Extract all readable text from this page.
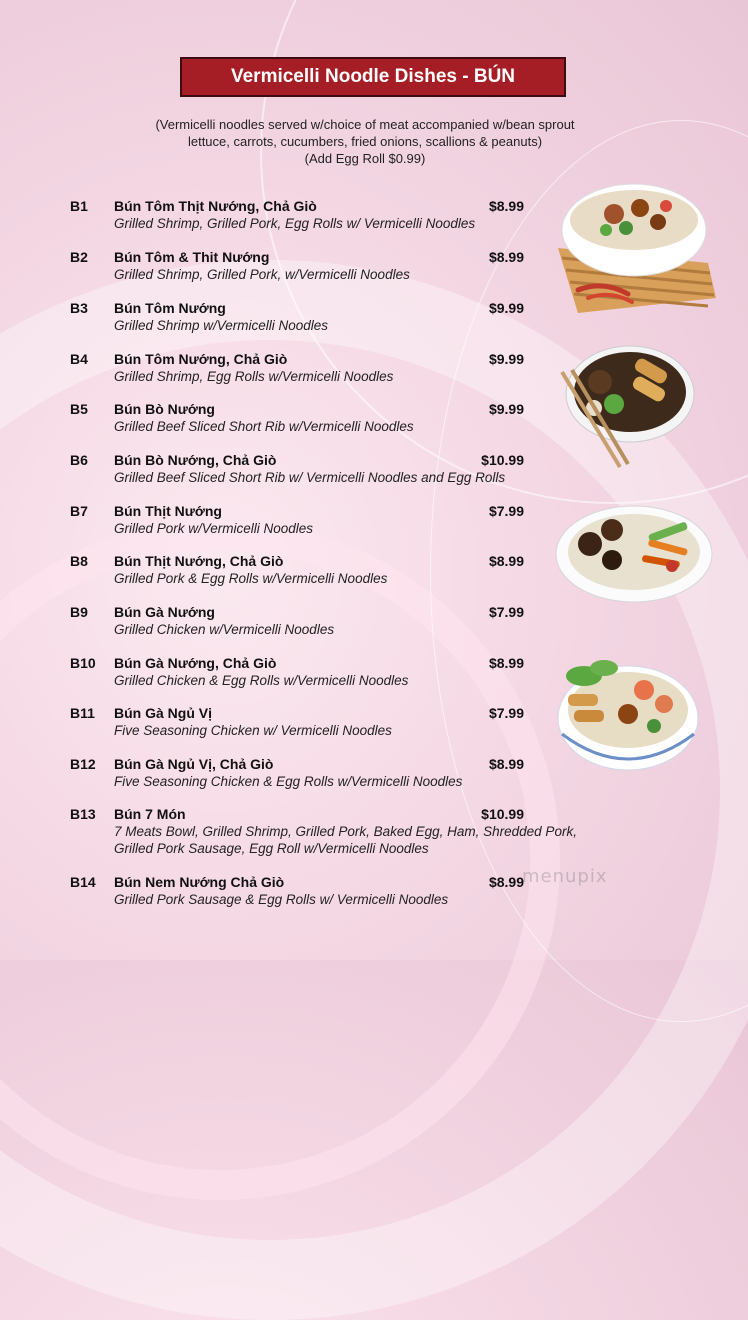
Vermicelli Noodle Dishes - BÚN
(Vermicelli noodles served w/choice of meat accompanied w/bean sprout
lettuce, carrots, cucumbers, fried onions, scallions & peanuts)
(Add Egg Roll $0.99)
B1 Bún Tôm Thịt Nướng, Chả Giò	$8.99
Grilled Shrimp, Grilled Pork, Egg Rolls w/ Vermicelli Noodles
B2 Bún Tôm & Thit Nướng	$8.99
Grilled Shrimp, Grilled Pork, w/Vermicelli Noodles
B3 Bún Tôm Nướng	$9.99
Grilled Shrimp w/Vermicelli Noodles
B4 Bún Tôm Nướng, Chả Giò	$9.99
Grilled Shrimp, Egg Rolls w/Vermicelli Noodles
B5 Bún Bò Nướng	$9.99
Grilled Beef Sliced Short Rib w/Vermicelli Noodles
B6 Bún Bò Nướng, Chả Giò	$10.99
Grilled Beef Sliced Short Rib w/ Vermicelli Noodles and Egg Rolls
B7 Bún Thịt Nướng	$7.99
Grilled Pork w/Vermicelli Noodles
B8 Bún Thịt Nướng, Chả Giò	$8.99
Grilled Pork & Egg Rolls w/Vermicelli Noodles
B9 Bún Gà Nướng	$7.99
Grilled Chicken w/Vermicelli Noodles
B10 Bún Gà Nướng, Chả Giò	$8.99
Grilled Chicken & Egg Rolls w/Vermicelli Noodles
B11 Bún Gà Ngủ Vị	$7.99
Five Seasoning Chicken w/ Vermicelli Noodles
B12 Bún Gà Ngủ Vị, Chả Giò	$8.99
Five Seasoning Chicken & Egg Rolls w/Vermicelli Noodles
B13 Bún 7 Món	$10.99
7 Meats Bowl, Grilled Shrimp, Grilled Pork, Baked Egg, Ham, Shredded Pork,
Grilled Pork Sausage, Egg Roll w/Vermicelli Noodles
B14 Bún Nem Nướng Chả Giò	$8.99
Grilled Pork Sausage & Egg Rolls w/ Vermicelli Noodles
menupix
